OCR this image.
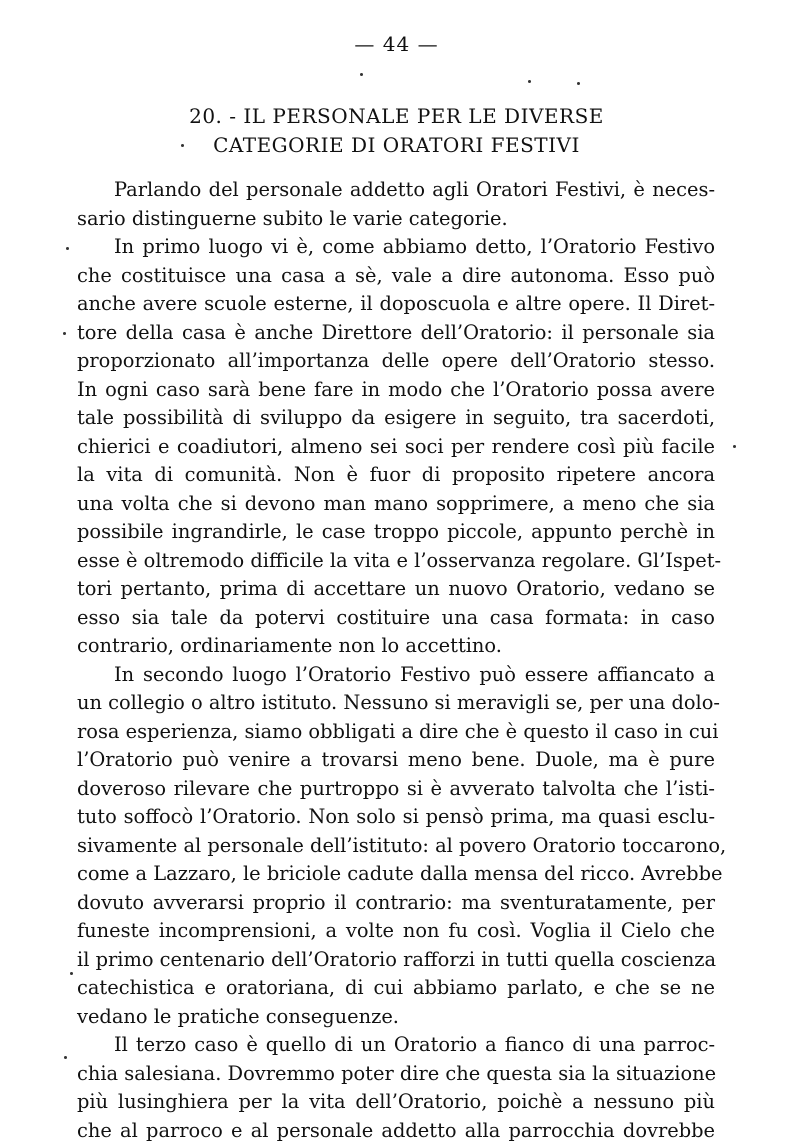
— 44 —
20. - IL PERSONALE PER LE DIVERSE
CATEGORIE DI ORATORI FESTIVI
Parlando del personale addetto agli Oratori Festivi, è neces-
sario distinguerne subito le varie categorie.
In primo luogo vi è, come abbiamo detto, l’Oratorio Festivo
che costituisce una casa a sè, vale a dire autonoma. Esso può
anche avere scuole esterne, il doposcuola e altre opere. Il Diret-
tore della casa è anche Direttore dell’Oratorio: il personale sia
proporzionato all’importanza delle opere dell’Oratorio stesso.
In ogni caso sarà bene fare in modo che l’Oratorio possa avere
tale possibilità di sviluppo da esigere in seguito, tra sacerdoti,
chierici e coadiutori, almeno sei soci per rendere così più facile
la vita di comunità. Non è fuor di proposito ripetere ancora
una volta che si devono man mano sopprimere, a meno che sia
possibile ingrandirle, le case troppo piccole, appunto perchè in
esse è oltremodo difficile la vita e l’osservanza regolare. Gl’Ispet-
tori pertanto, prima di accettare un nuovo Oratorio, vedano se
esso sia tale da potervi costituire una casa formata: in caso
contrario, ordinariamente non lo accettino.
In secondo luogo l’Oratorio Festivo può essere affiancato a
un collegio o altro istituto. Nessuno si meravigli se, per una dolo-
rosa esperienza, siamo obbligati a dire che è questo il caso in cui
l’Oratorio può venire a trovarsi meno bene. Duole, ma è pure
doveroso rilevare che purtroppo si è avverato talvolta che l’isti-
tuto soffocò l’Oratorio. Non solo si pensò prima, ma quasi esclu-
sivamente al personale dell’istituto: al povero Oratorio toccarono,
come a Lazzaro, le briciole cadute dalla mensa del ricco. Avrebbe
dovuto avverarsi proprio il contrario: ma sventuratamente, per
funeste incomprensioni, a volte non fu così. Voglia il Cielo che
il primo centenario dell’Oratorio rafforzi in tutti quella coscienza
catechistica e oratoriana, di cui abbiamo parlato, e che se ne
vedano le pratiche conseguenze.
Il terzo caso è quello di un Oratorio a fianco di una parroc-
chia salesiana. Dovremmo poter dire che questa sia la situazione
più lusinghiera per la vita dell’Oratorio, poichè a nessuno più
che al parroco e al personale addetto alla parrocchia dovrebbe
